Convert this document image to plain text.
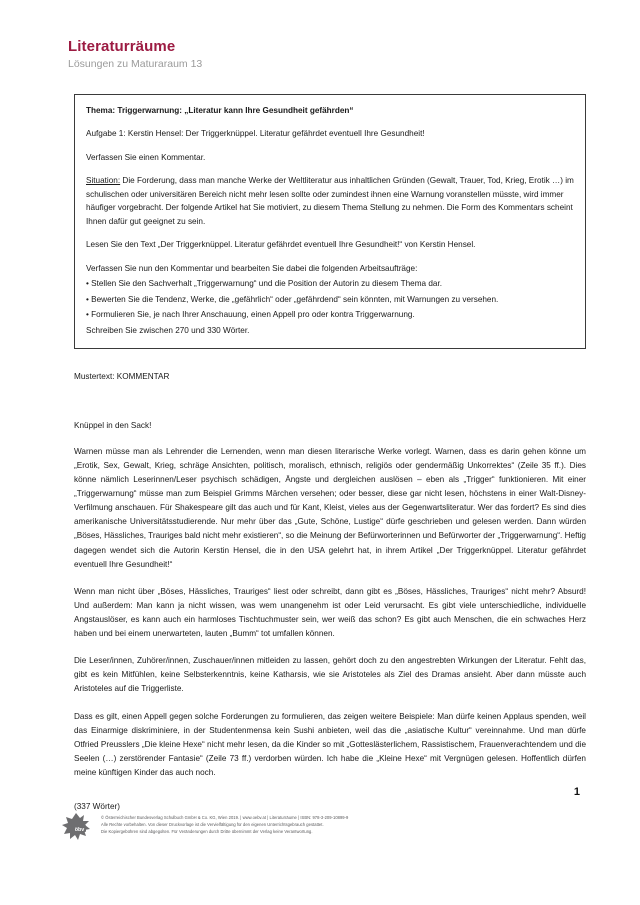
Literaturräume
Lösungen zu Maturaraum 13

Thema: Triggerwarnung: „Literatur kann Ihre Gesundheit gefährden“

Aufgabe 1: Kerstin Hensel: Der Triggerknüppel. Literatur gefährdet eventuell Ihre Gesundheit!

Verfassen Sie einen Kommentar.

Situation: Die Forderung, dass man manche Werke der Weltliteratur aus inhaltlichen Gründen (Gewalt, Trauer, Tod, Krieg, Erotik …) im schulischen oder universitären Bereich nicht mehr lesen sollte oder zumindest ihnen eine Warnung voranstellen müsste, wird immer häufiger vorgebracht. Der folgende Artikel hat Sie motiviert, zu diesem Thema Stellung zu nehmen. Die Form des Kommentars scheint Ihnen dafür gut geeignet zu sein.

Lesen Sie den Text „Der Triggerknüppel. Literatur gefährdet eventuell Ihre Gesundheit!“ von Kerstin Hensel.

Verfassen Sie nun den Kommentar und bearbeiten Sie dabei die folgenden Arbeitsaufträge:

• Stellen Sie den Sachverhalt „Triggerwarnung“ und die Position der Autorin zu diesem Thema dar.

• Bewerten Sie die Tendenz, Werke, die „gefährlich“ oder „gefährdend“ sein könnten, mit Warnungen zu versehen.

• Formulieren Sie, je nach Ihrer Anschauung, einen Appell pro oder kontra Triggerwarnung.

Schreiben Sie zwischen 270 und 330 Wörter.

Mustertext: KOMMENTAR

Knüppel in den Sack!

Warnen müsse man als Lehrender die Lernenden, wenn man diesen literarische Werke vorlegt. Warnen, dass es darin gehen könne um „Erotik, Sex, Gewalt, Krieg, schräge Ansichten, politisch, moralisch, ethnisch, religiös oder gendermäßig Unkorrektes“ (Zeile 35 ff.). Dies könne nämlich Leserinnen/Leser psychisch schädigen, Ängste und dergleichen auslösen – eben als „Trigger“ funktionieren. Mit einer „Triggerwarnung“ müsse man zum Beispiel Grimms Märchen versehen; oder besser, diese gar nicht lesen, höchstens in einer Walt-Disney-Verfilmung anschauen. Für Shakespeare gilt das auch und für Kant, Kleist, vieles aus der Gegenwartsliteratur. Wer das fordert? Es sind dies amerikanische Universitätsstudierende. Nur mehr über das „Gute, Schöne, Lustige“ dürfe geschrieben und gelesen werden. Dann würden „Böses, Hässliches, Trauriges bald nicht mehr existieren“, so die Meinung der Befürworterinnen und Befürworter der „Triggerwarnung“. Heftig dagegen wendet sich die Autorin Kerstin Hensel, die in den USA gelehrt hat, in ihrem Artikel „Der Triggerknüppel. Literatur gefährdet eventuell Ihre Gesundheit!“

Wenn man nicht über „Böses, Hässliches, Trauriges“ liest oder schreibt, dann gibt es „Böses, Hässliches, Trauriges“ nicht mehr? Absurd! Und außerdem: Man kann ja nicht wissen, was wem unangenehm ist oder Leid verursacht. Es gibt viele unterschiedliche, individuelle Angstauslöser, es kann auch ein harmloses Tischtuchmuster sein, wer weiß das schon? Es gibt auch Menschen, die ein schwaches Herz haben und bei einem unerwarteten, lauten „Bumm“ tot umfallen können.

Die Leser/innen, Zuhörer/innen, Zuschauer/innen mitleiden zu lassen, gehört doch zu den angestrebten Wirkungen der Literatur. Fehlt das, gibt es kein Mitfühlen, keine Selbsterkenntnis, keine Katharsis, wie sie Aristoteles als Ziel des Dramas ansieht. Aber dann müsste auch Aristoteles auf die Triggerliste.

Dass es gilt, einen Appell gegen solche Forderungen zu formulieren, das zeigen weitere Beispiele: Man dürfe keinen Applaus spenden, weil das Einarmige diskriminiere, in der Studentenmensa kein Sushi anbieten, weil das die „asiatische Kultur“ vereinnahme. Und man dürfe Otfried Preusslers „Die kleine Hexe“ nicht mehr lesen, da die Kinder so mit „Gotteslästerlichem, Rassistischem, Frauenverachtendem und die Seelen (…) zerstörender Fantasie“ (Zeile 73 ff.) verdorben würden. Ich habe die „Kleine Hexe“ mit Vergnügen gelesen. Hoffentlich dürfen meine künftigen Kinder das auch noch.

(337 Wörter)

1
öbv
© Österreichischer Bundesverlag Schulbuch GmbH & Co. KG, Wien 2019. | www.oebv.at | Literaturräume | ISBN: 978-3-209-10899-9
Alle Rechte vorbehalten. Von dieser Druckvorlage ist die Vervielfältigung für den eigenen Unterrichtsgebrauch gestattet.
Die Kopiergebühren sind abgegolten. Für Veränderungen durch Dritte übernimmt der Verlag keine Verantwortung.
